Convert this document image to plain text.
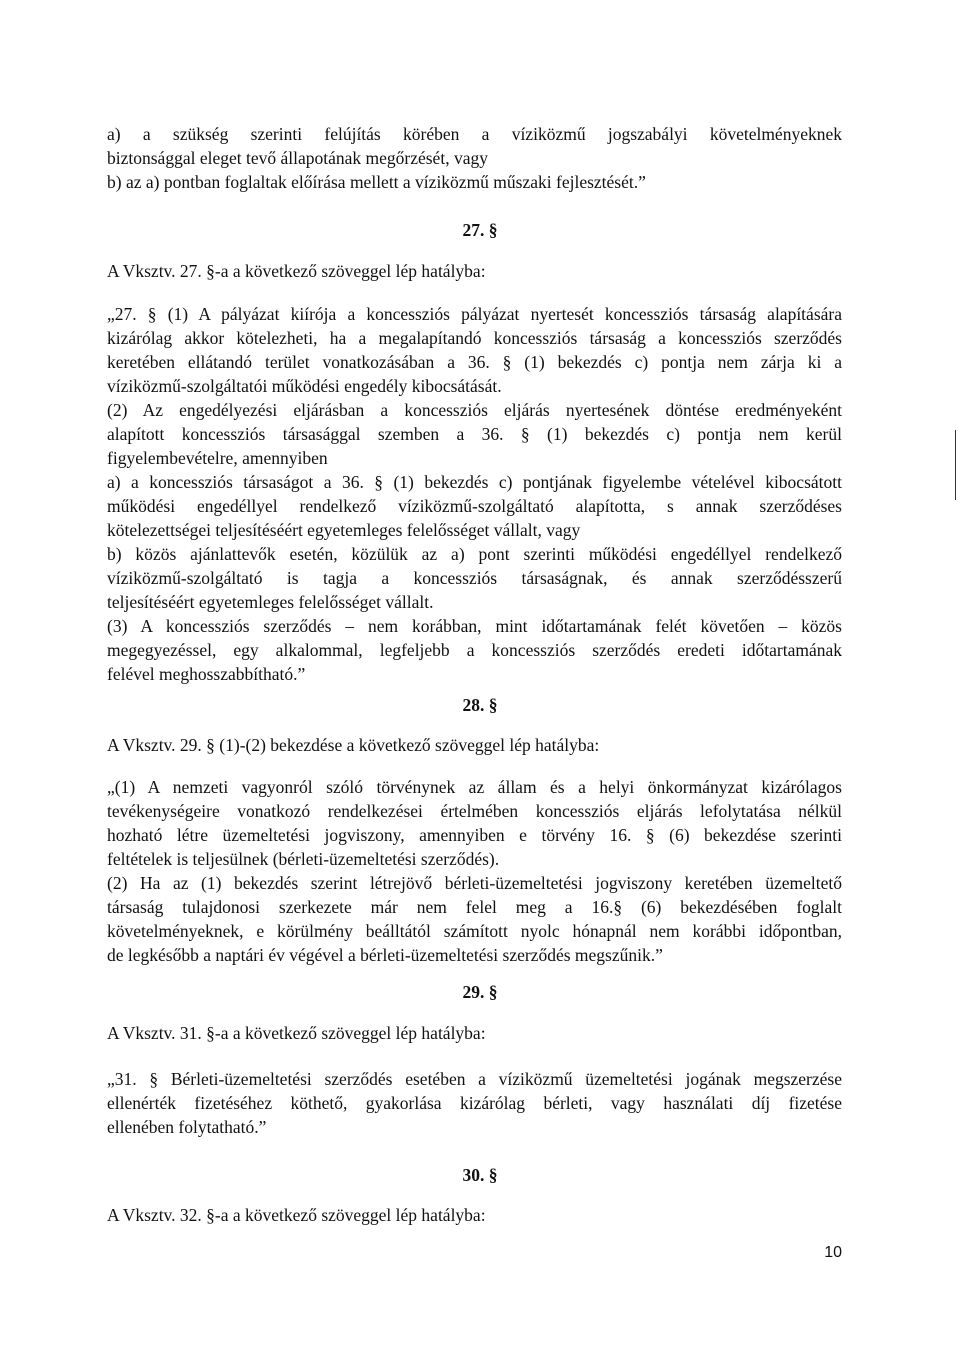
a) a szükség szerinti felújítás körében a víziközmű jogszabályi követelményeknek
biztonsággal eleget tevő állapotának megőrzését, vagy
b) az a) pontban foglaltak előírása mellett a víziközmű műszaki fejlesztését.”
27. §
A Vksztv. 27. §-a a következő szöveggel lép hatályba:
„27. § (1) A pályázat kiírója a koncessziós pályázat nyertesét koncessziós társaság alapítására
kizárólag akkor kötelezheti, ha a megalapítandó koncessziós társaság a koncessziós szerződés
keretében ellátandó terület vonatkozásában a 36. § (1) bekezdés c) pontja nem zárja ki a
víziközmű-szolgáltatói működési engedély kibocsátását.
(2) Az engedélyezési eljárásban a koncessziós eljárás nyertesének döntése eredményeként
alapított koncessziós társasággal szemben a 36. § (1) bekezdés c) pontja nem kerül
figyelembevételre, amennyiben
a) a koncessziós társaságot a 36. § (1) bekezdés c) pontjának figyelembe vételével kibocsátott
működési engedéllyel rendelkező víziközmű-szolgáltató alapította, s annak szerződéses
kötelezettségei teljesítéséért egyetemleges felelősséget vállalt, vagy
b) közös ajánlattevők esetén, közülük az a) pont szerinti működési engedéllyel rendelkező
víziközmű-szolgáltató is tagja a koncessziós társaságnak, és annak szerződésszerű
teljesítéséért egyetemleges felelősséget vállalt.
(3) A koncessziós szerződés – nem korábban, mint időtartamának felét követően – közös
megegyezéssel, egy alkalommal, legfeljebb a koncessziós szerződés eredeti időtartamának
felével meghosszabbítható.”
28. §
A Vksztv. 29. § (1)-(2) bekezdése a következő szöveggel lép hatályba:
„(1) A nemzeti vagyonról szóló törvénynek az állam és a helyi önkormányzat kizárólagos
tevékenységeire vonatkozó rendelkezései értelmében koncessziós eljárás lefolytatása nélkül
hozható létre üzemeltetési jogviszony, amennyiben e törvény 16. § (6) bekezdése szerinti
feltételek is teljesülnek (bérleti-üzemeltetési szerződés).
(2) Ha az (1) bekezdés szerint létrejövő bérleti-üzemeltetési jogviszony keretében üzemeltető
társaság tulajdonosi szerkezete már nem felel meg a 16.§ (6) bekezdésében foglalt
követelményeknek, e körülmény beálltától számított nyolc hónapnál nem korábbi időpontban,
de legkésőbb a naptári év végével a bérleti-üzemeltetési szerződés megszűnik.”
29. §
A Vksztv. 31. §-a a következő szöveggel lép hatályba:
„31. § Bérleti-üzemeltetési szerződés esetében a víziközmű üzemeltetési jogának megszerzése
ellenérték fizetéséhez köthető, gyakorlása kizárólag bérleti, vagy használati díj fizetése
ellenében folytatható.”
30. §
A Vksztv. 32. §-a a következő szöveggel lép hatályba:
10
